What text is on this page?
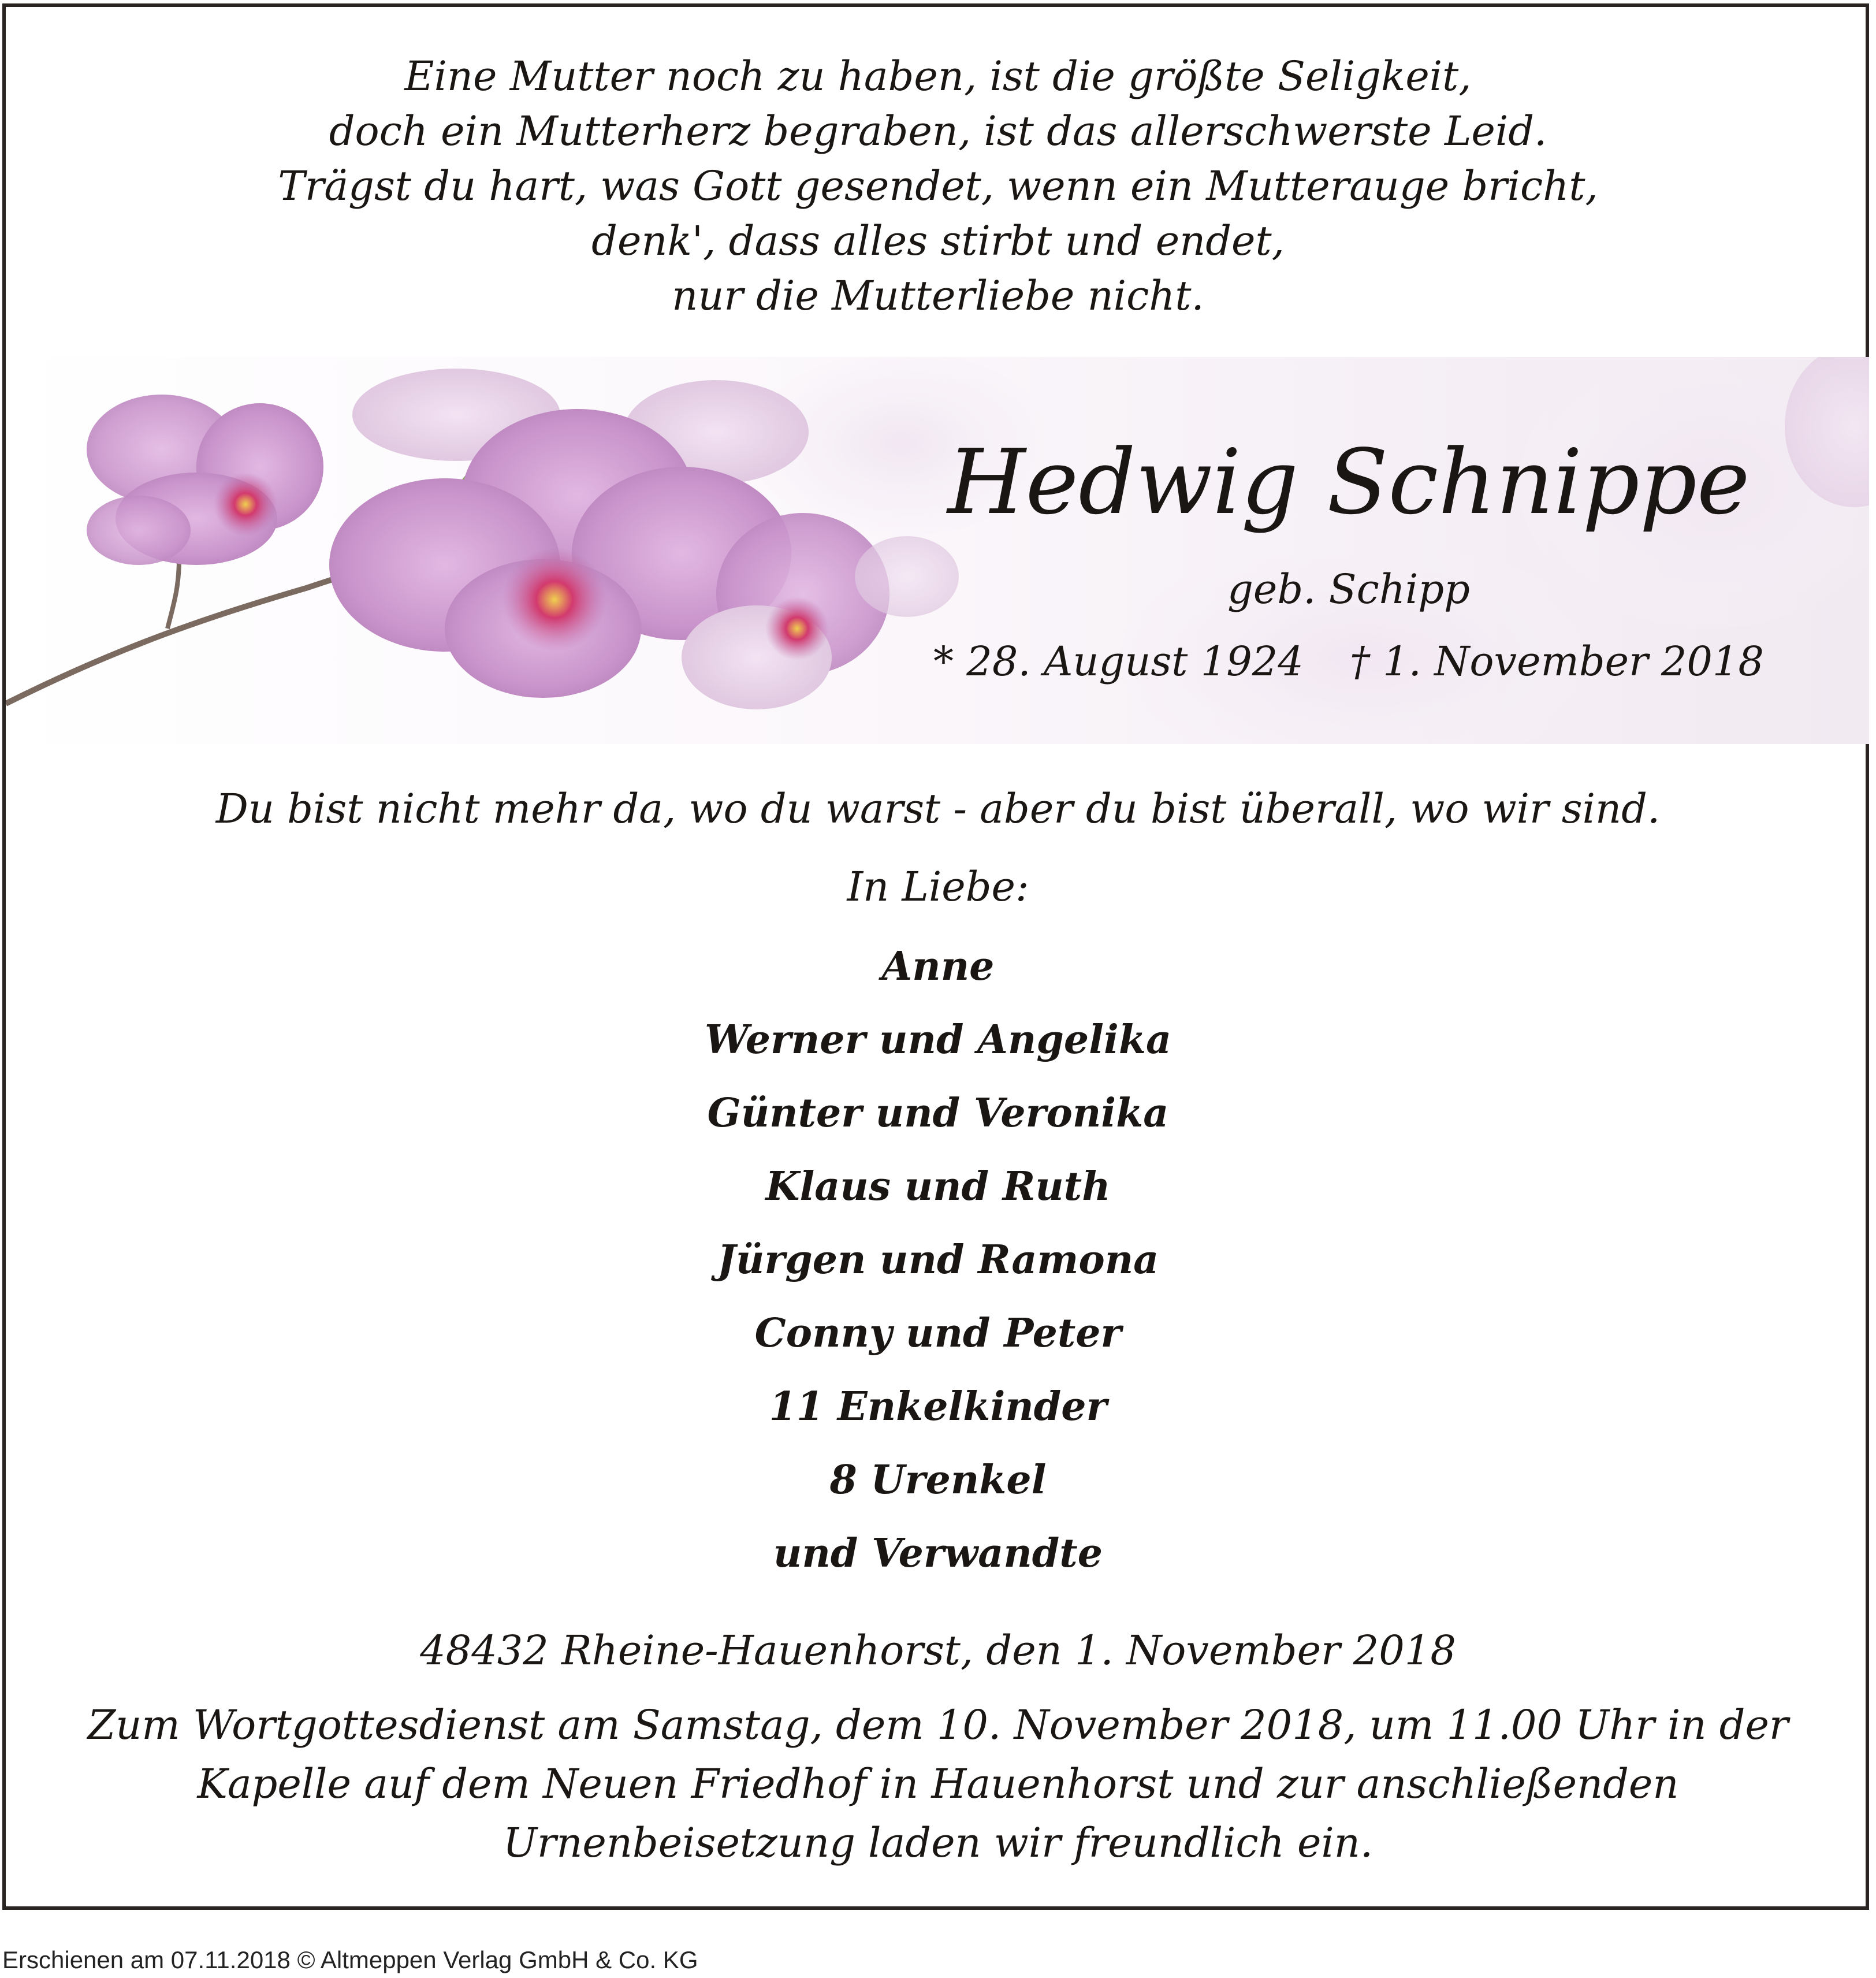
Eine Mutter noch zu haben, ist die größte Seligkeit,
doch ein Mutterherz begraben, ist das allerschwerste Leid.
Trägst du hart, was Gott gesendet, wenn ein Mutterauge bricht,
denk', dass alles stirbt und endet,
nur die Mutterliebe nicht.
Hedwig Schnippe
geb. Schipp
* 28. August 1924 † 1. November 2018
Du bist nicht mehr da, wo du warst - aber du bist überall, wo wir sind.
In Liebe:
Anne
Werner und Angelika
Günter und Veronika
Klaus und Ruth
Jürgen und Ramona
Conny und Peter
11 Enkelkinder
8 Urenkel
und Verwandte
48432 Rheine-Hauenhorst, den 1. November 2018
Zum Wortgottesdienst am Samstag, dem 10. November 2018, um 11.00 Uhr in der
Kapelle auf dem Neuen Friedhof in Hauenhorst und zur anschließenden
Urnenbeisetzung laden wir freundlich ein.
Erschienen am 07.11.2018 © Altmeppen Verlag GmbH & Co. KG
